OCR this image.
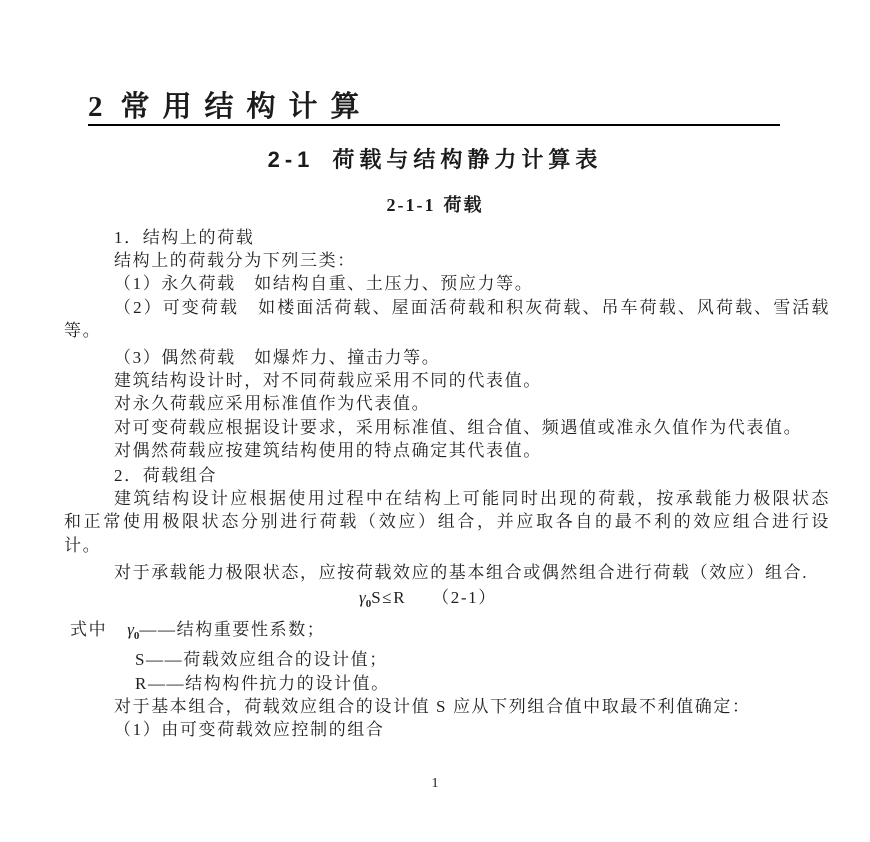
2 常用结构计算
2-1 荷载与结构静力计算表
2-1-1 荷载
1．结构上的荷载
结构上的荷载分为下列三类：
（1）永久荷载　如结构自重、土压力、预应力等。
（2）可变荷载　如楼面活荷载、屋面活荷载和积灰荷载、吊车荷载、风荷载、雪活载
等。
（3）偶然荷载　如爆炸力、撞击力等。
建筑结构设计时，对不同荷载应采用不同的代表值。
对永久荷载应采用标准值作为代表值。
对可变荷载应根据设计要求，采用标准值、组合值、频遇值或准永久值作为代表值。
对偶然荷载应按建筑结构使用的特点确定其代表值。
2．荷载组合
建筑结构设计应根据使用过程中在结构上可能同时出现的荷载，按承载能力极限状态
和正常使用极限状态分别进行荷载（效应）组合，并应取各自的最不利的效应组合进行设
计。
对于承载能力极限状态，应按荷载效应的基本组合或偶然组合进行荷载（效应）组合.
$\gamma_0S\le R$ （2-1）
式中 $\gamma_0——$结构重要性系数；
S——荷载效应组合的设计值；
R——结构构件抗力的设计值。
对于基本组合，荷载效应组合的设计值 S 应从下列组合值中取最不利值确定：
（1）由可变荷载效应控制的组合
1
